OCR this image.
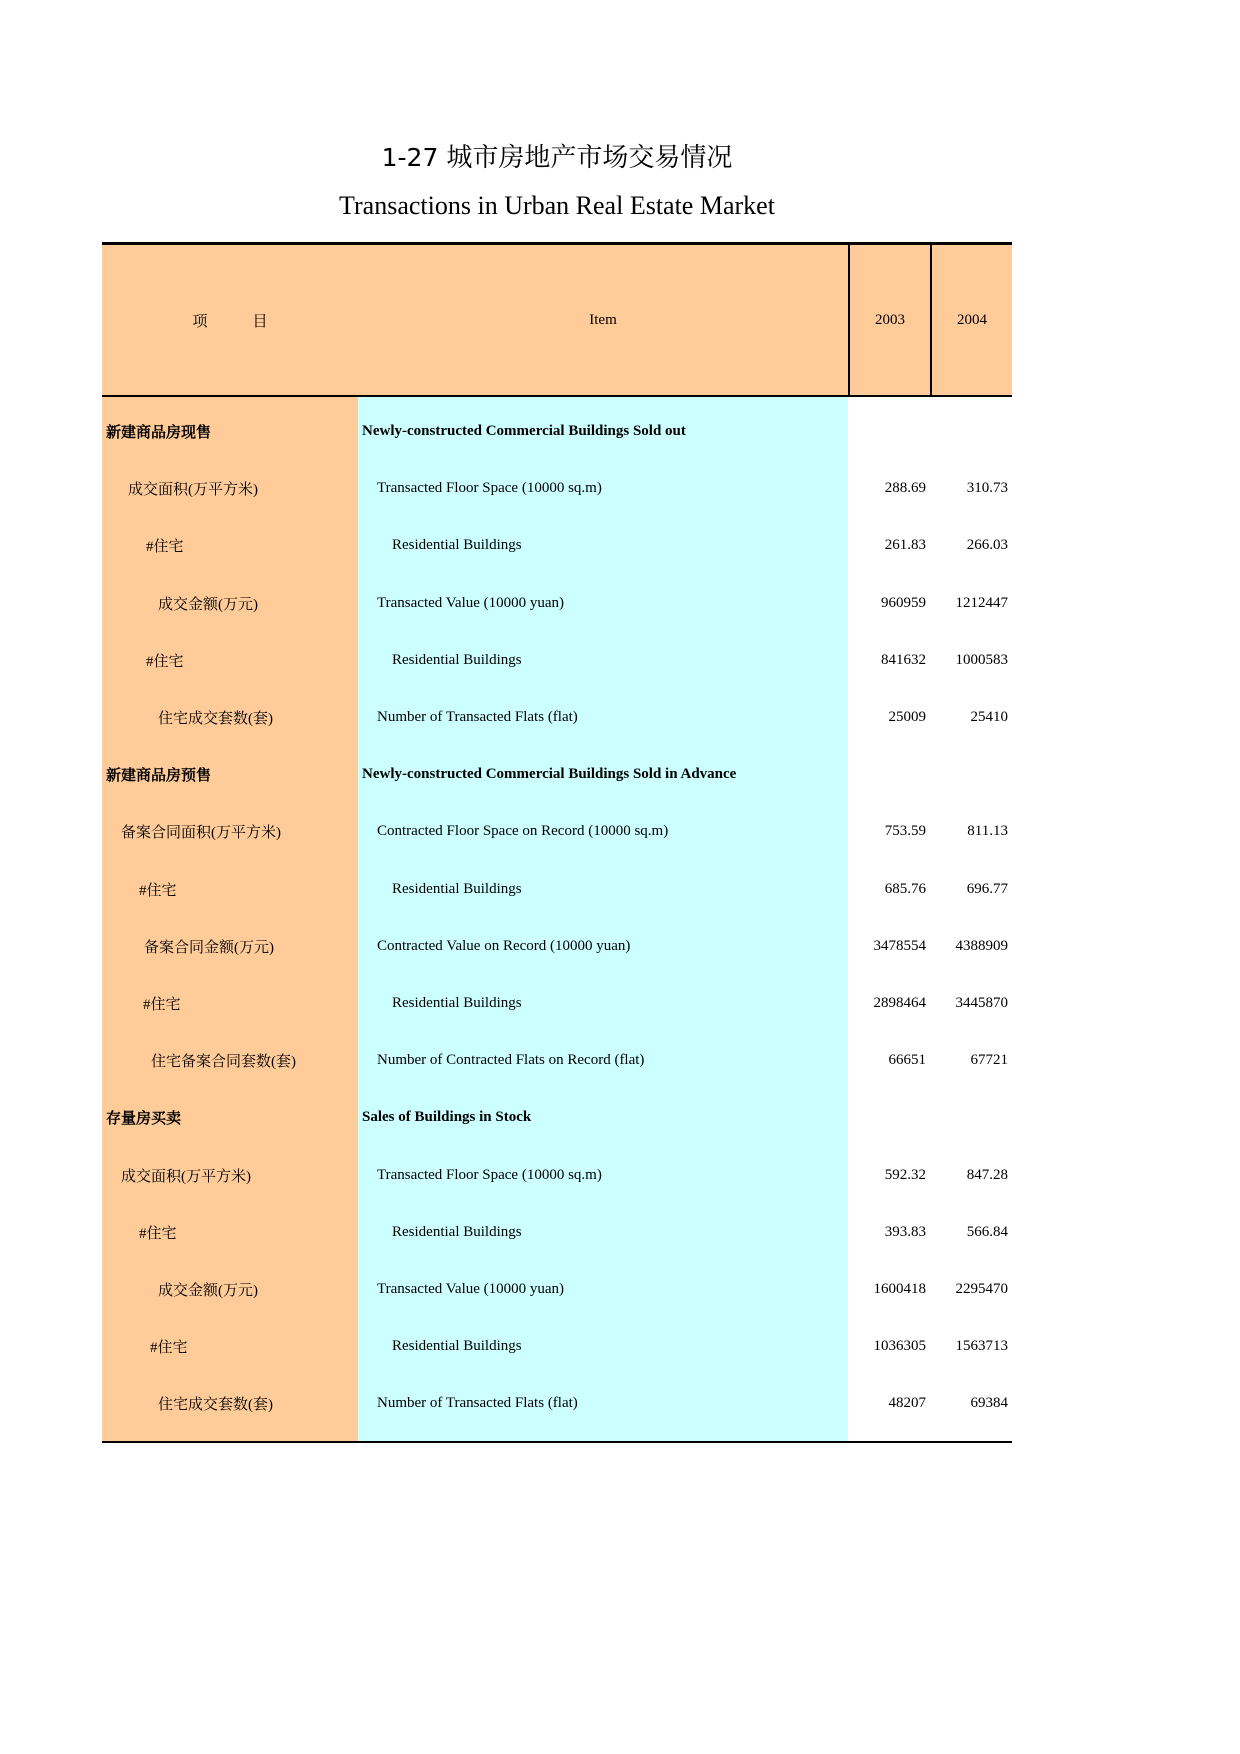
1-27 城市房地产市场交易情况
Transactions in Urban Real Estate Market
项　　　目	Item	2003	2004
新建商品房现售	Newly-constructed Commercial Buildings Sold out
成交面积(万平方米)	Transacted Floor Space (10000 sq.m)	288.69	310.73
#住宅	Residential Buildings	261.83	266.03
成交金额(万元)	Transacted Value (10000 yuan)	960959	1212447
#住宅	Residential Buildings	841632	1000583
住宅成交套数(套)	Number of Transacted Flats (flat)	25009	25410
新建商品房预售	Newly-constructed Commercial Buildings Sold in Advance
备案合同面积(万平方米)	Contracted Floor Space on Record (10000 sq.m)	753.59	811.13
#住宅	Residential Buildings	685.76	696.77
备案合同金额(万元)	Contracted Value on Record (10000 yuan)	3478554	4388909
#住宅	Residential Buildings	2898464	3445870
住宅备案合同套数(套)	Number of Contracted Flats on Record (flat)	66651	67721
存量房买卖	Sales of Buildings in Stock
成交面积(万平方米)	Transacted Floor Space (10000 sq.m)	592.32	847.28
#住宅	Residential Buildings	393.83	566.84
成交金额(万元)	Transacted Value (10000 yuan)	1600418	2295470
#住宅	Residential Buildings	1036305	1563713
住宅成交套数(套)	Number of Transacted Flats (flat)	48207	69384
